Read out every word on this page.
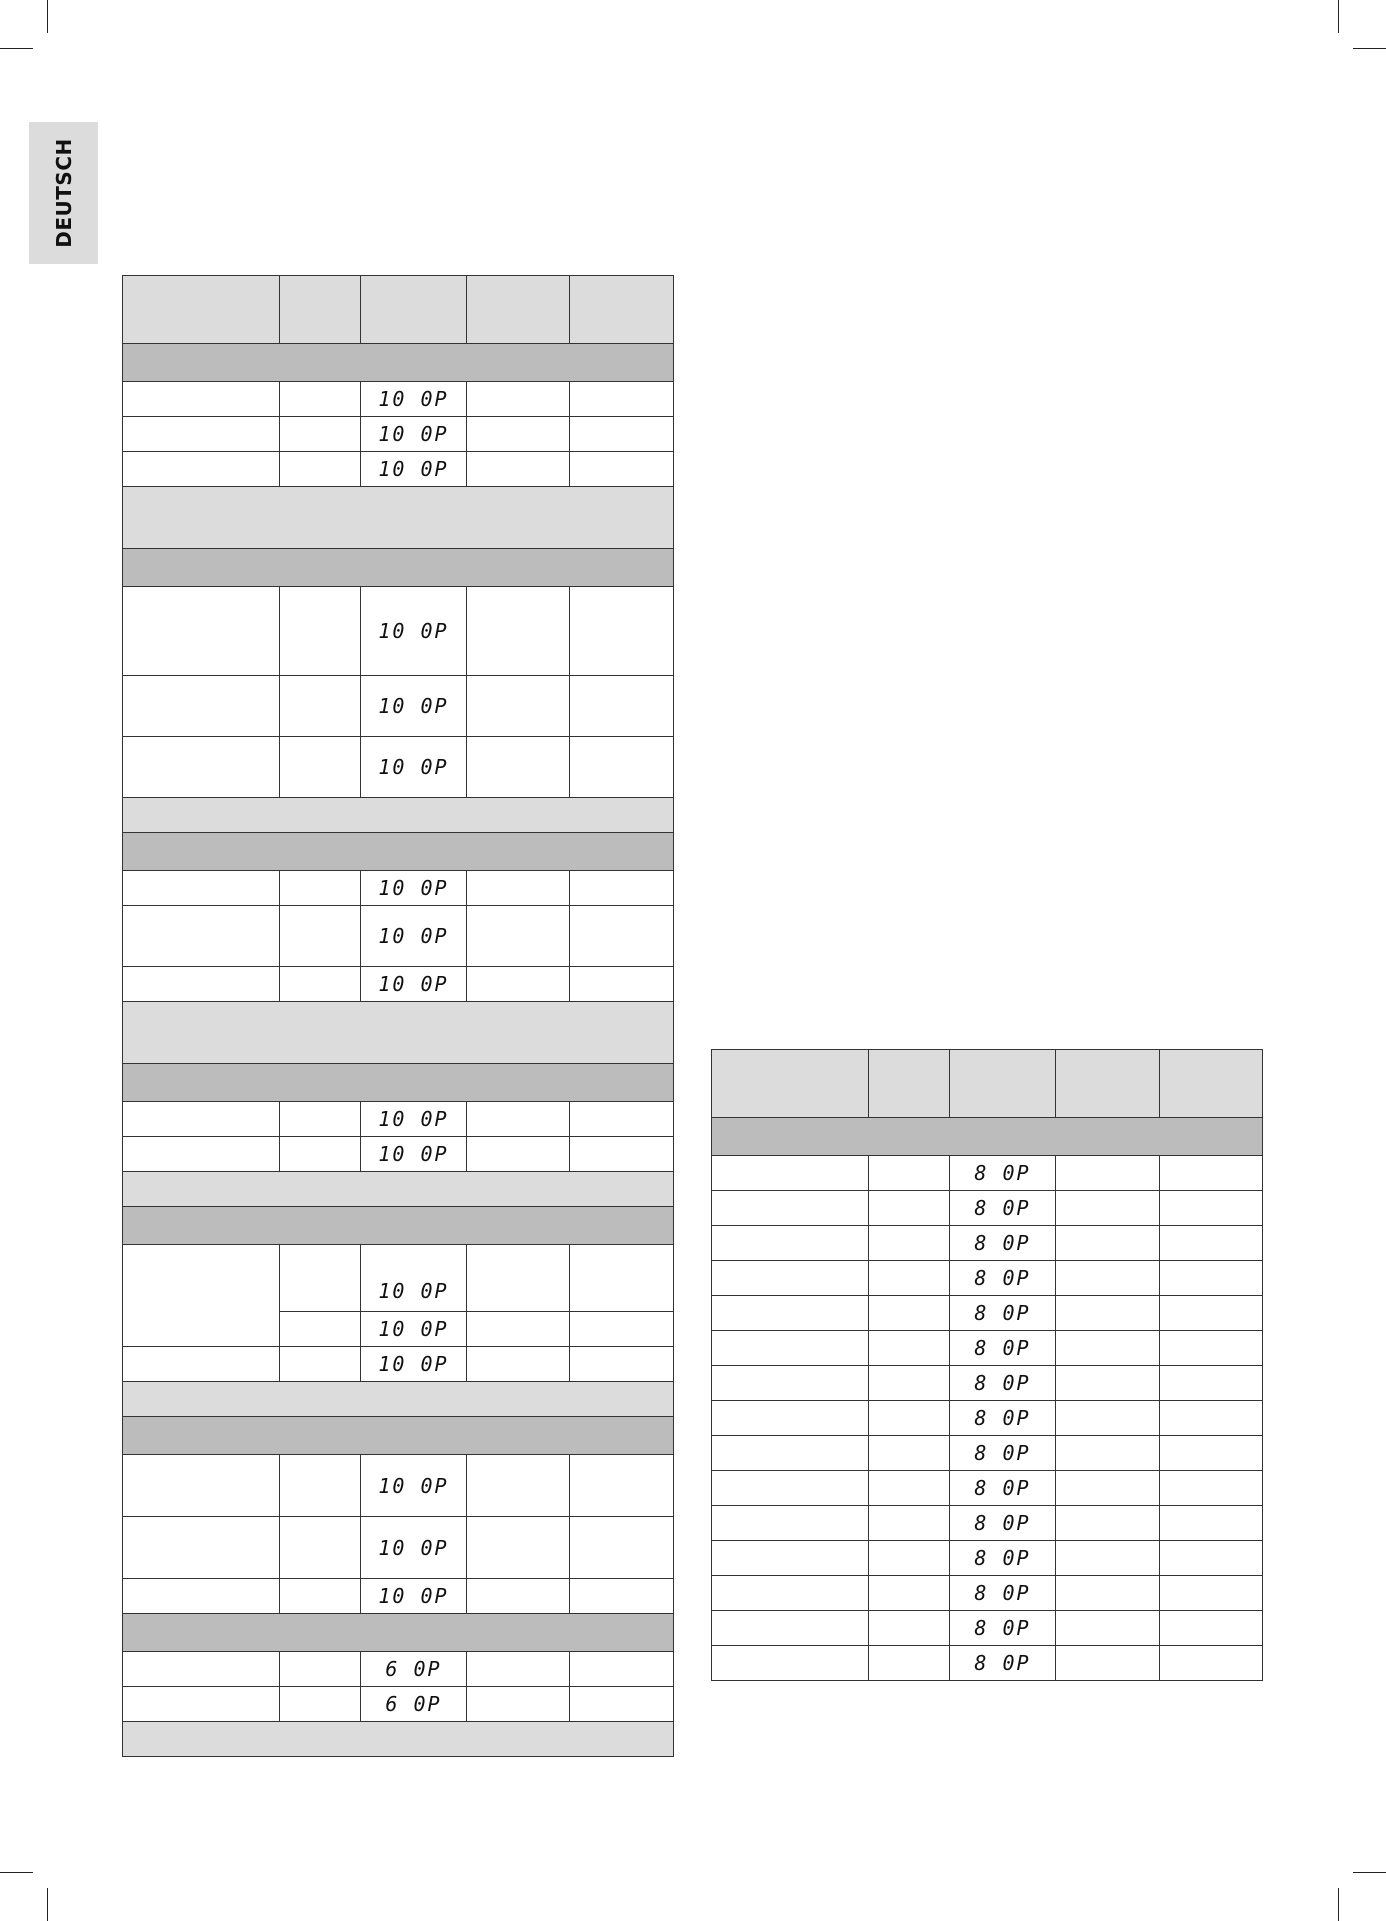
DEUTSCH

		10 0P		
		10 0P		
		10 0P		

		10 0P		
		10 0P		
		10 0P		

		10 0P		
		10 0P		
		10 0P		

		10 0P		
		10 0P		

		10 0P		
		10 0P		
		10 0P		

		10 0P		
		10 0P		
		10 0P		

		6 0P		
		6 0P		

		8 0P		
		8 0P		
		8 0P		
		8 0P		
		8 0P		
		8 0P		
		8 0P		
		8 0P		
		8 0P		
		8 0P		
		8 0P		
		8 0P		
		8 0P		
		8 0P		
		8 0P		
